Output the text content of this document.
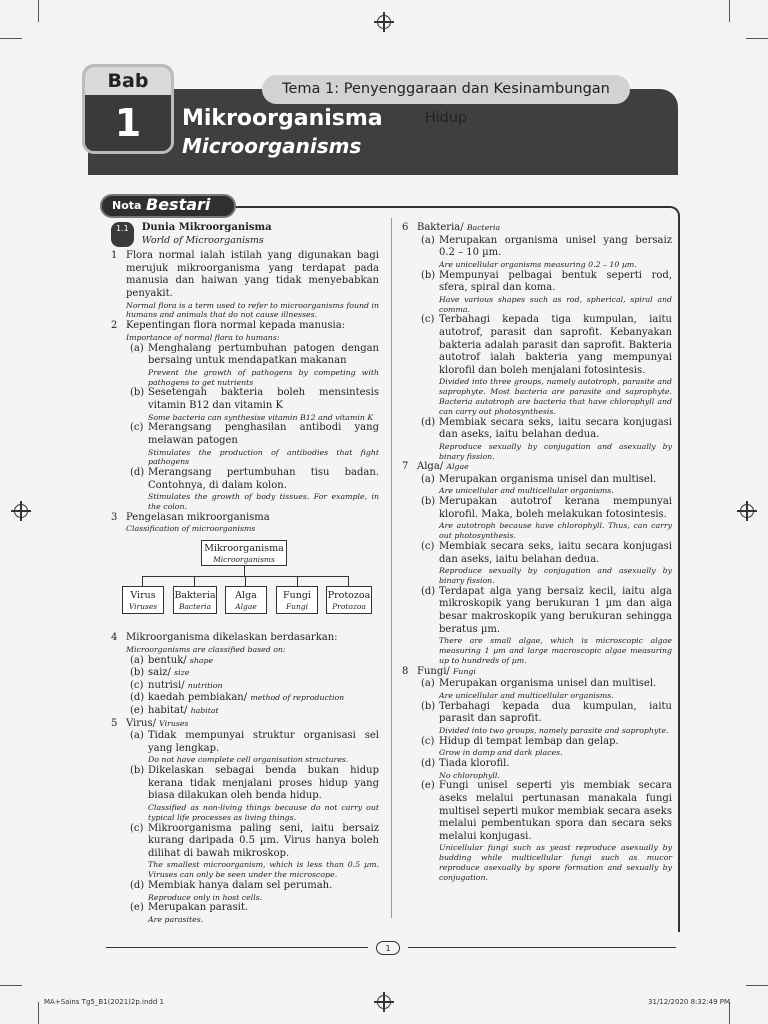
Tema 1: Penyenggaraan dan Kesinambungan Hidup
Bab
1	Mikroorganisma
Microorganisms
Nota Bestari
1.1	Dunia Mikroorganisma
World of Microorganisms
1 Flora normal ialah istilah yang digunakan bagi merujuk mikroorganisma yang terdapat pada manusia dan haiwan yang tidak menyebabkan penyakit.
Normal flora is a term used to refer to microorganisms found in humans and animals that do not cause illnesses.
2 Kepentingan flora normal kepada manusia:
Importance of normal flora to humans:
(a) Menghalang pertumbuhan patogen dengan bersaing untuk mendapatkan makanan
Prevent the growth of pathogens by competing with pathogens to get nutrients
(b) Sesetengah bakteria boleh mensintesis vitamin B12 dan vitamin K
Some bacteria can synthesise vitamin B12 and vitamin K
(c) Merangsang penghasilan antibodi yang melawan patogen
Stimulates the production of antibodies that fight pathogens
(d) Merangsang pertumbuhan tisu badan. Contohnya, di dalam kolon.
Stimulates the growth of body tissues. For example, in the colon.
3 Pengelasan mikroorganisma
Classification of microorganisms
Mikroorganisma
Microorganisms
Virus
Viruses
Bakteria
Bacteria
Alga
Algae
Fungi
Fungi
Protozoa
Protozoa
4 Mikroorganisma dikelaskan berdasarkan:
Microorganisms are classified based on:
(a) bentuk/ shape
(b) saiz/ size
(c) nutrisi/ nutrition
(d) kaedah pembiakan/ method of reproduction
(e) habitat/ habitat
5 Virus/ Viruses
(a) Tidak mempunyai struktur organisasi sel yang lengkap.
Do not have complete cell organisation structures.
(b) Dikelaskan sebagai benda bukan hidup kerana tidak menjalani proses hidup yang biasa dilakukan oleh benda hidup.
Classified as non-living things because do not carry out typical life processes as living things.
(c) Mikroorganisma paling seni, iaitu bersaiz kurang daripada 0.5 µm. Virus hanya boleh dilihat di bawah mikroskop.
The smallest microorganism, which is less than 0.5 µm. Viruses can only be seen under the microscope.
(d) Membiak hanya dalam sel perumah.
Reproduce only in host cells.
(e) Merupakan parasit.
Are parasites.
6 Bakteria/ Bacteria
(a) Merupakan organisma unisel yang bersaiz 0.2 – 10 µm.
Are unicellular organisms measuring 0.2 – 10 µm.
(b) Mempunyai pelbagai bentuk seperti rod, sfera, spiral dan koma.
Have various shapes such as rod, spherical, spiral and comma.
(c) Terbahagi kepada tiga kumpulan, iaitu autotrof, parasit dan saprofit. Kebanyakan bakteria adalah parasit dan saprofit. Bakteria autotrof ialah bakteria yang mempunyai klorofil dan boleh menjalani fotosintesis.
Divided into three groups, namely autotroph, parasite and saprophyte. Most bacteria are parasite and saprophyte. Bacteria autotroph are bacteria that have chlorophyll and can carry out photosynthesis.
(d) Membiak secara seks, iaitu secara konjugasi dan aseks, iaitu belahan dedua.
Reproduce sexually by conjugation and asexually by binary fission.
7 Alga/ Algae
(a) Merupakan organisma unisel dan multisel.
Are unicellular and multicellular organisms.
(b) Merupakan autotrof kerana mempunyai klorofil. Maka, boleh melakukan fotosintesis.
Are autotroph because have chlorophyll. Thus, can carry out photosynthesis.
(c) Membiak secara seks, iaitu secara konjugasi dan aseks, iaitu belahan dedua.
Reproduce sexually by conjugation and asexually by binary fission.
(d) Terdapat alga yang bersaiz kecil, iaitu alga mikroskopik yang berukuran 1 µm dan alga besar makroskopik yang berukuran sehingga beratus µm.
There are small algae, which is microscopic algae measuring 1 µm and large macroscopic algae measuring up to hundreds of µm.
8 Fungi/ Fungi
(a) Merupakan organisma unisel dan multisel.
Are unicellular and multicellular organisms.
(b) Terbahagi kepada dua kumpulan, iaitu parasit dan saprofit.
Divided into two groups, namely parasite and saprophyte.
(c) Hidup di tempat lembap dan gelap.
Grow in damp and dark places.
(d) Tiada klorofil.
No chlorophyll.
(e) Fungi unisel seperti yis membiak secara aseks melalui pertunasan manakala fungi multisel seperti mukor membiak secara aseks melalui pembentukan spora dan secara seks melalui konjugasi.
Unicellular fungi such as yeast reproduce asexually by budding while multicellular fungi such as mucor reproduce asexually by spore formation and sexually by conjugation.
1
MA+Sains Tg5_B1(2021)2p.indd 1	31/12/2020 8:32:49 PM
